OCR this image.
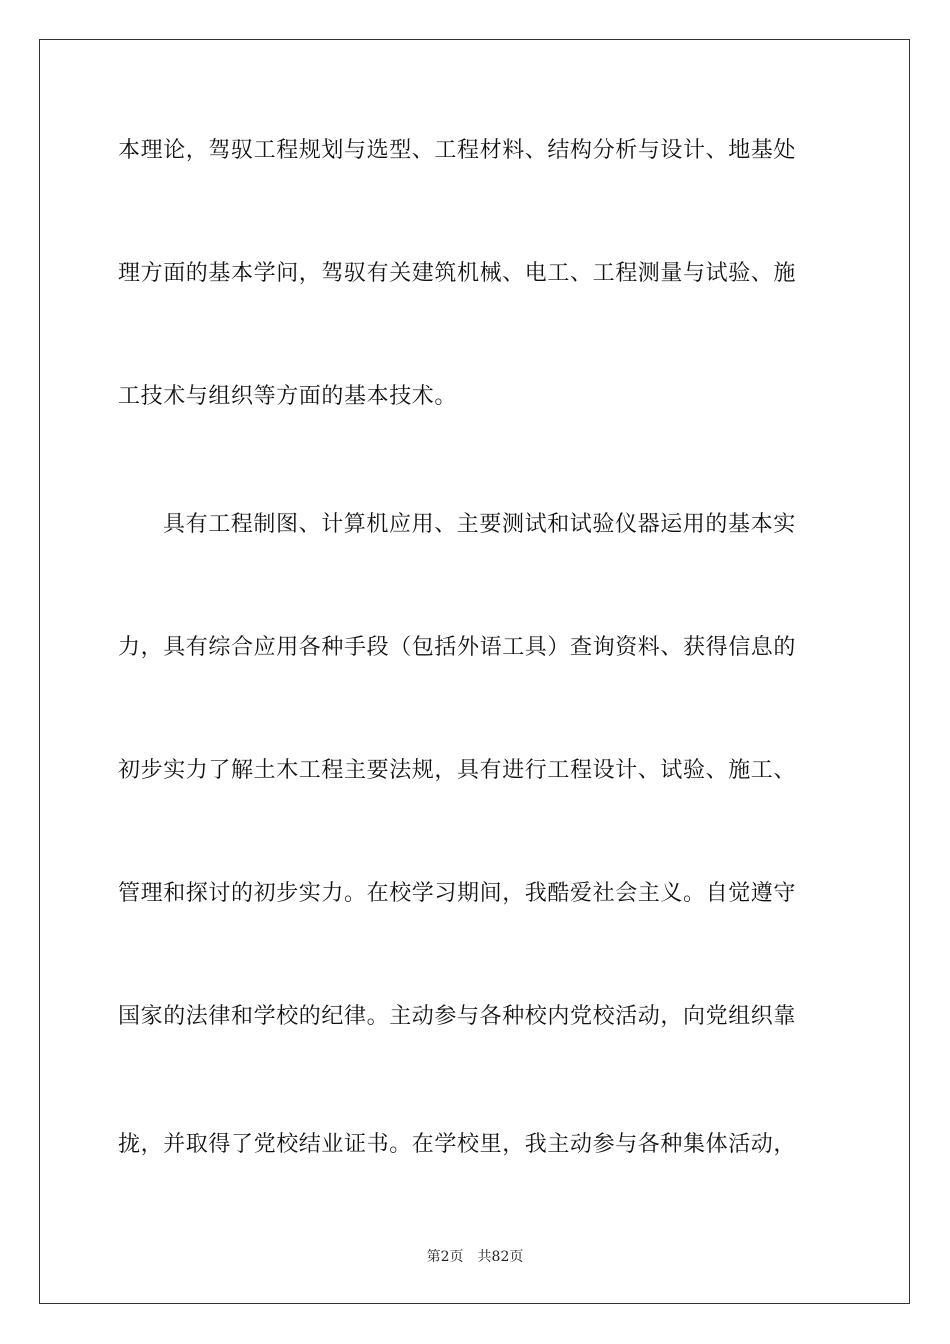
本理论，驾驭工程规划与选型、工程材料、结构分析与设计、地基处
理方面的基本学问，驾驭有关建筑机械、电工、工程测量与试验、施
工技术与组织等方面的基本技术。
具有工程制图、计算机应用、主要测试和试验仪器运用的基本实
力，具有综合应用各种手段（包括外语工具）查询资料、获得信息的
初步实力了解土木工程主要法规，具有进行工程设计、试验、施工、
管理和探讨的初步实力。在校学习期间，我酷爱社会主义。自觉遵守
国家的法律和学校的纪律。主动参与各种校内党校活动，向党组织靠
拢，并取得了党校结业证书。在学校里，我主动参与各种集体活动，
第2页　共82页
